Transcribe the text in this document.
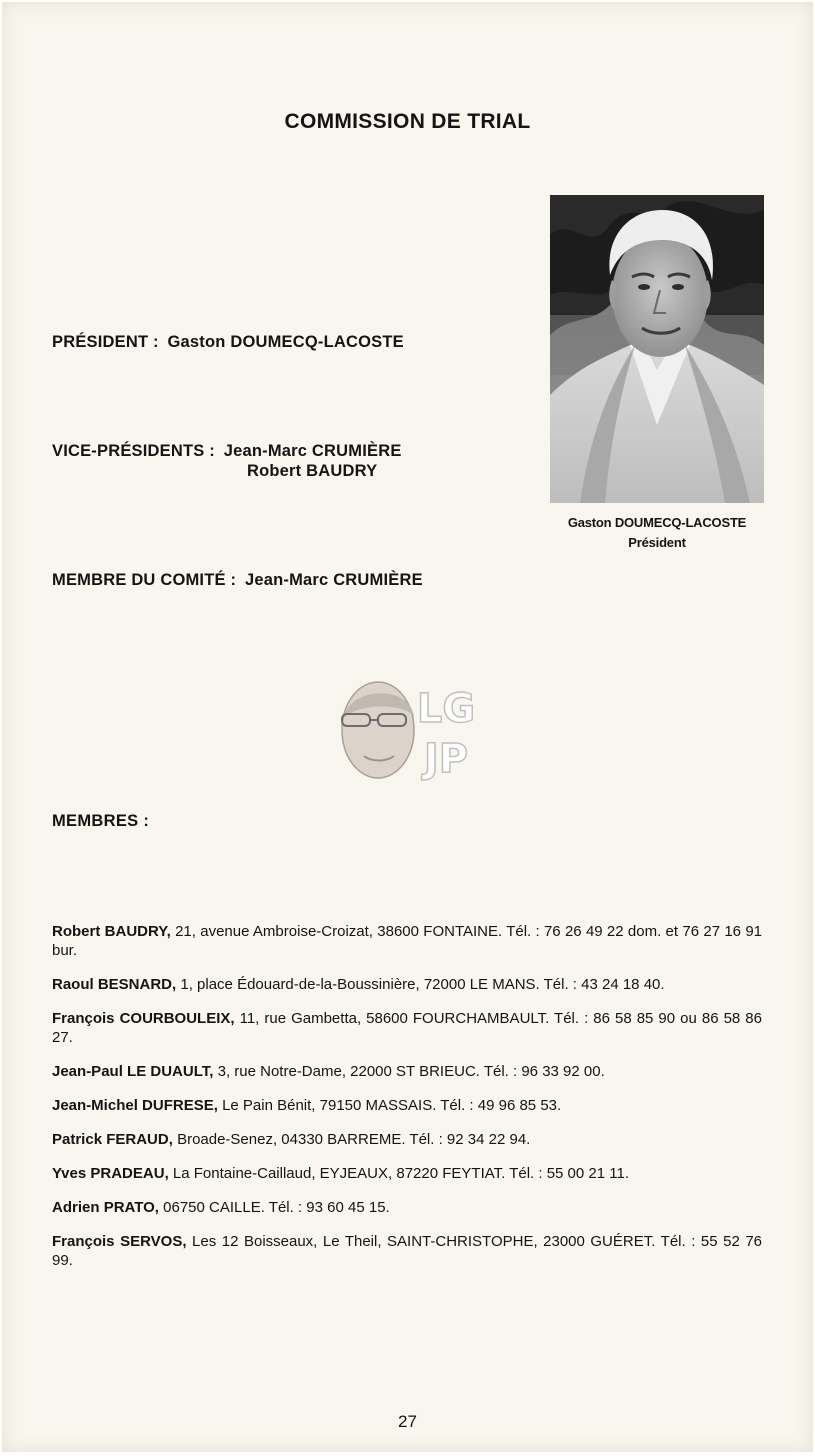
COMMISSION DE TRIAL
PRÉSIDENT : Gaston DOUMECQ-LACOSTE
VICE-PRÉSIDENTS : Jean-Marc CRUMIÈRE
Robert BAUDRY
Gaston DOUMECQ-LACOSTE
Président
MEMBRE DU COMITÉ : Jean-Marc CRUMIÈRE
LG
JP
MEMBRES :
Robert BAUDRY, 21, avenue Ambroise-Croizat, 38600 FONTAINE. Tél. : 76 26 49 22 dom. et 76 27 16 91 bur.
Raoul BESNARD, 1, place Édouard-de-la-Boussinière, 72000 LE MANS. Tél. : 43 24 18 40.
François COURBOULEIX, 11, rue Gambetta, 58600 FOURCHAMBAULT. Tél. : 86 58 85 90 ou 86 58 86 27.
Jean-Paul LE DUAULT, 3, rue Notre-Dame, 22000 ST BRIEUC. Tél. : 96 33 92 00.
Jean-Michel DUFRESE, Le Pain Bénit, 79150 MASSAIS. Tél. : 49 96 85 53.
Patrick FERAUD, Broade-Senez, 04330 BARREME. Tél. : 92 34 22 94.
Yves PRADEAU, La Fontaine-Caillaud, EYJEAUX, 87220 FEYTIAT. Tél. : 55 00 21 11.
Adrien PRATO, 06750 CAILLE. Tél. : 93 60 45 15.
François SERVOS, Les 12 Boisseaux, Le Theil, SAINT-CHRISTOPHE, 23000 GUÉRET. Tél. : 55 52 76 99.
27
